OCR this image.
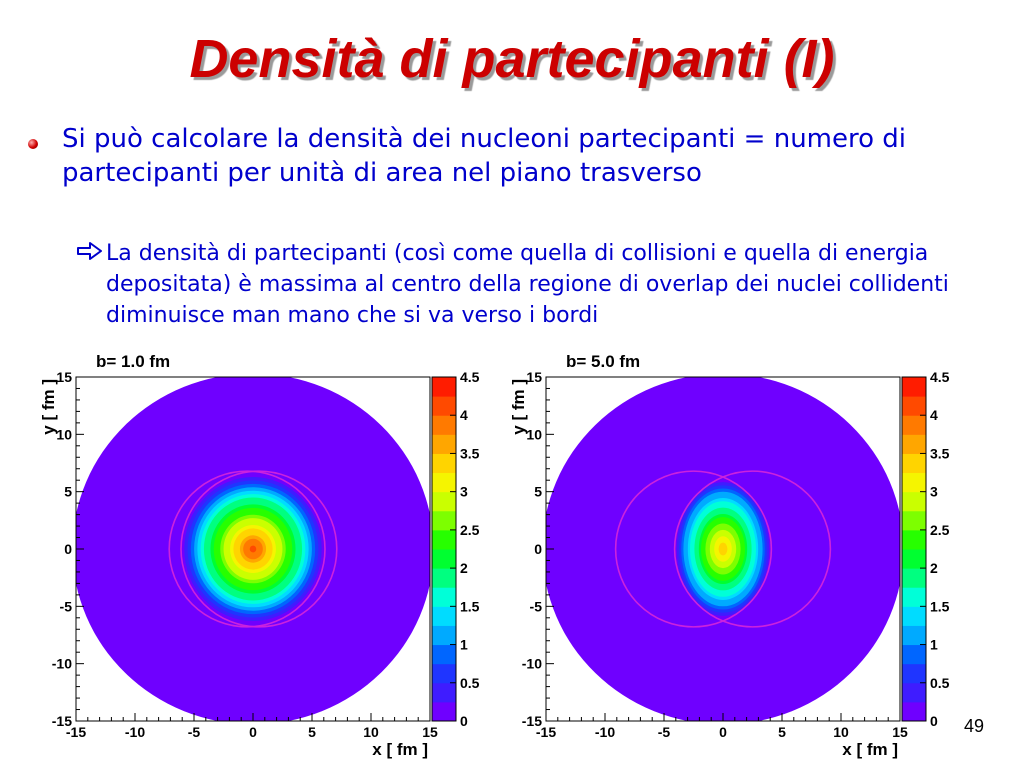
Densità di partecipanti (I)
Si può calcolare la densità dei nucleoni partecipanti = numero di partecipanti per unità di area nel piano trasverso
La densità di partecipanti (così come quella di collisioni e quella di energia depositata) è massima al centro della regione di overlap dei nuclei collidenti diminuisce man mano che si va verso i bordi
-15	-10	-5	0	5	10	15
-15
-10
-5
0
5
10
15
b= 1.0 fm
x [ fm ]
y [ fm ]
0
0.5
1
1.5
2
2.5
3
3.5
4
4.5
-15	-10	-5	0	5	10	15
-15
-10
-5
0
5
10
15
b= 5.0 fm
x [ fm ]
y [ fm ]
0
0.5
1
1.5
2
2.5
3
3.5
4
4.5
49
